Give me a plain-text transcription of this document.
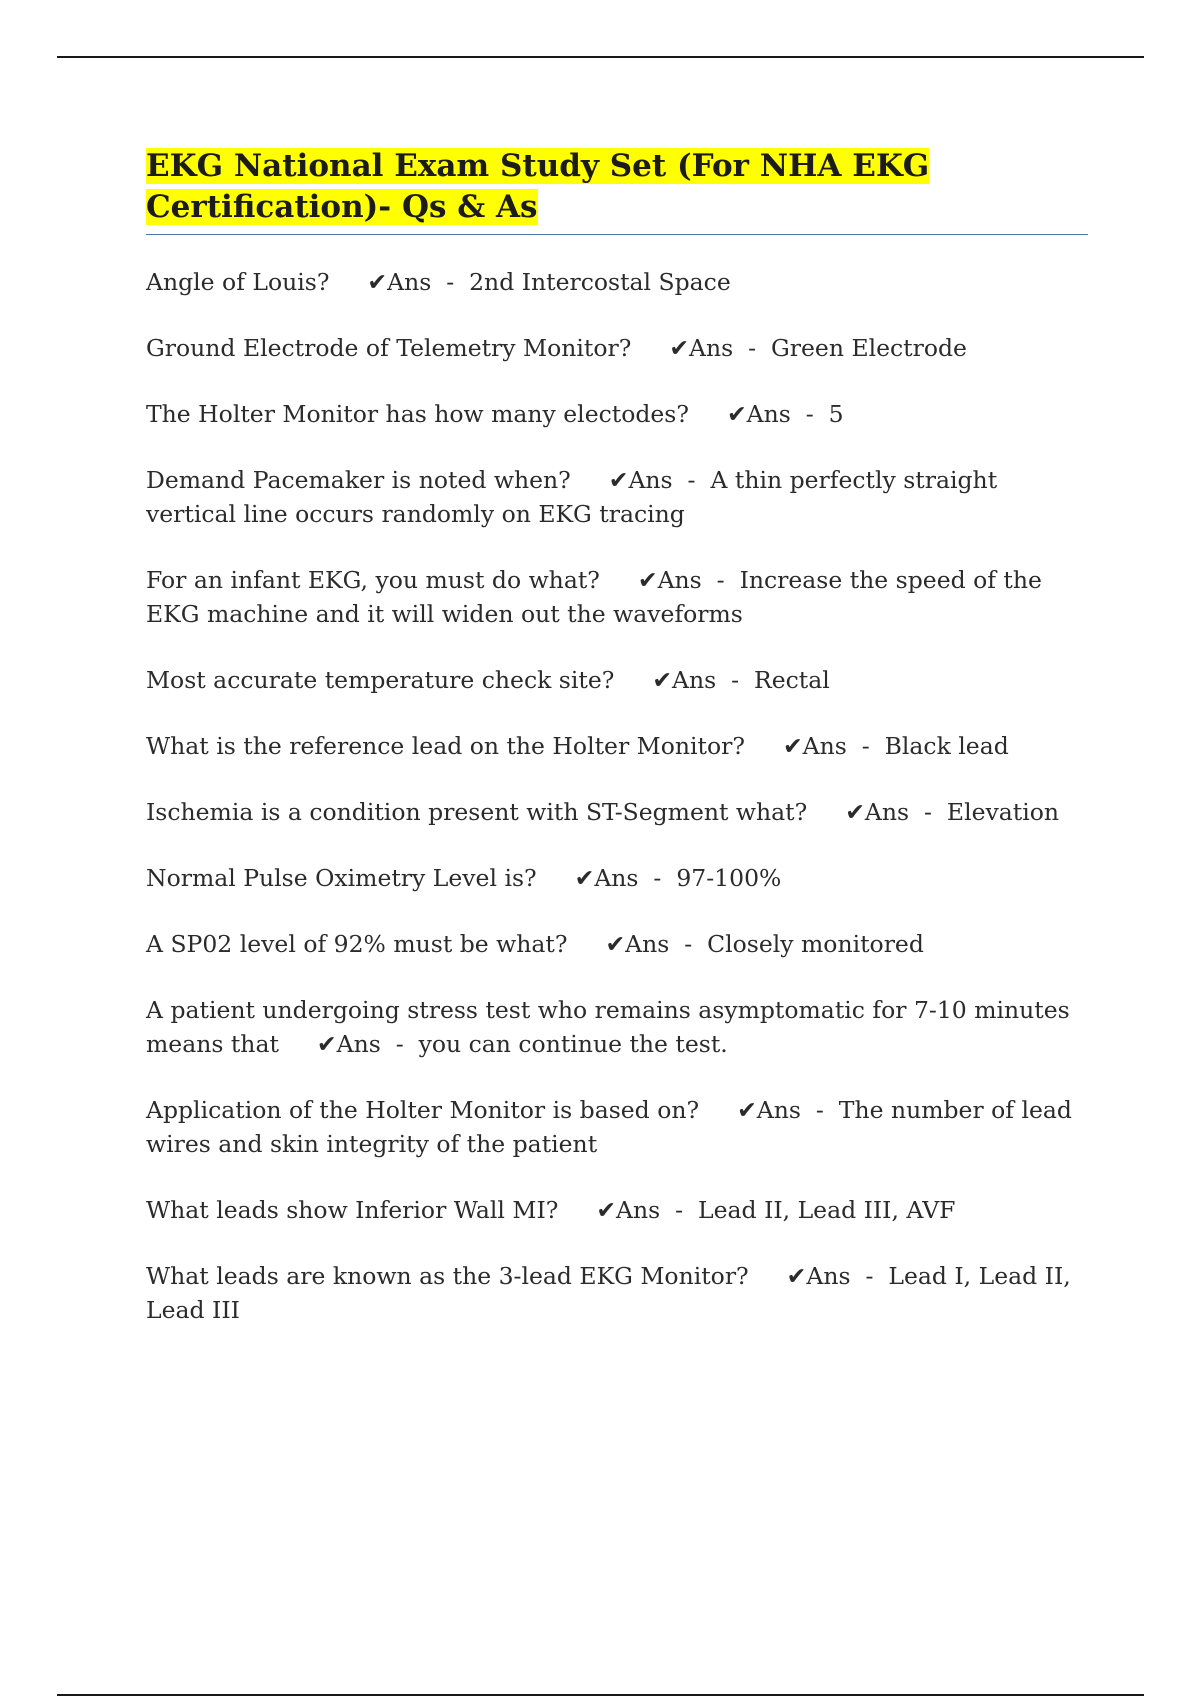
EKG National Exam Study Set (For NHA EKG Certification)- Qs & As
Angle of Louis? ✔Ans  -  2nd Intercostal Space
Ground Electrode of Telemetry Monitor? ✔Ans  -  Green Electrode
The Holter Monitor has how many electodes? ✔Ans  -  5
Demand Pacemaker is noted when? ✔Ans  -  A thin perfectly straight vertical line occurs randomly on EKG tracing
For an infant EKG, you must do what? ✔Ans  -  Increase the speed of the EKG machine and it will widen out the waveforms
Most accurate temperature check site? ✔Ans  -  Rectal
What is the reference lead on the Holter Monitor? ✔Ans  -  Black lead
Ischemia is a condition present with ST-Segment what? ✔Ans  -  Elevation
Normal Pulse Oximetry Level is? ✔Ans  -  97-100%
A SP02 level of 92% must be what? ✔Ans  -  Closely monitored
A patient undergoing stress test who remains asymptomatic for 7-10 minutes means that ✔Ans  -  you can continue the test.
Application of the Holter Monitor is based on? ✔Ans  -  The number of lead wires and skin integrity of the patient
What leads show Inferior Wall MI? ✔Ans  -  Lead II, Lead III, AVF
What leads are known as the 3-lead EKG Monitor? ✔Ans  -  Lead I, Lead II, Lead III
